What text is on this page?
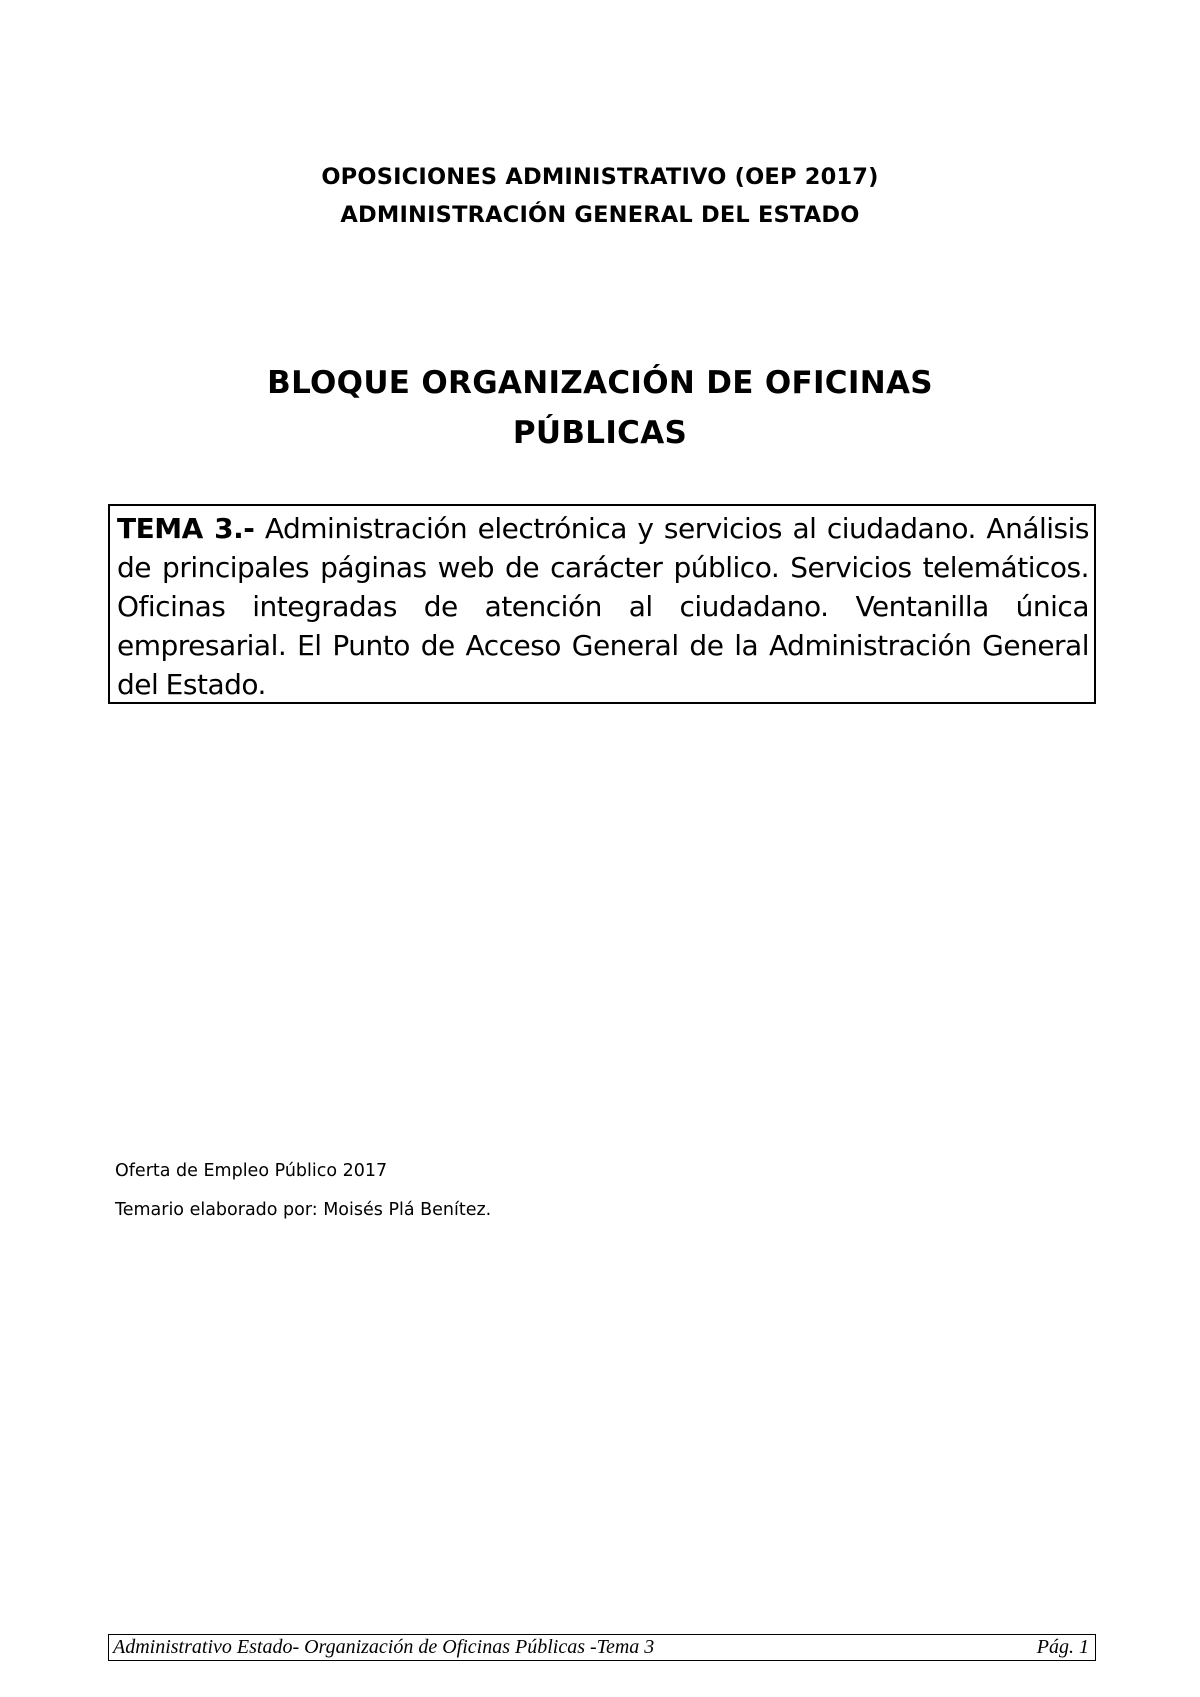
OPOSICIONES ADMINISTRATIVO (OEP 2017)
ADMINISTRACIÓN GENERAL DEL ESTADO
BLOQUE ORGANIZACIÓN DE OFICINAS
PÚBLICAS
TEMA 3.- Administración electrónica y servicios al ciudadano. Análisis de principales páginas web de carácter público. Servicios telemáticos. Oficinas integradas de atención al ciudadano. Ventanilla única empresarial. El Punto de Acceso General de la Administración General del Estado.
Oferta de Empleo Público 2017
Temario elaborado por: Moisés Plá Benítez.
Administrativo Estado- Organización de Oficinas Públicas -Tema 3	Pág. 1
